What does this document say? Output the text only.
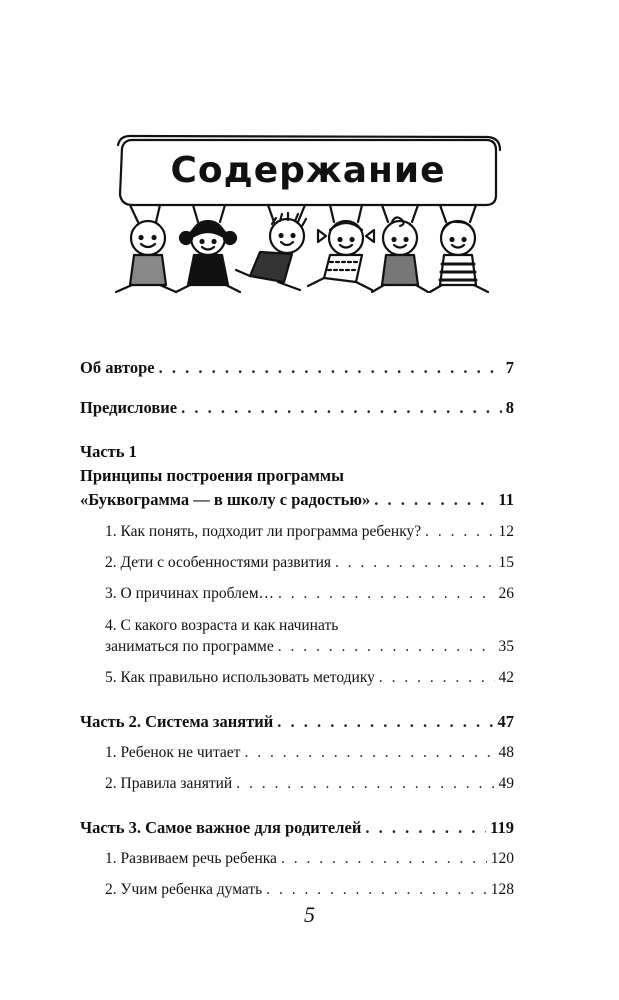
Содержание
Об авторе . . .	7
Предисловие . . .	8
Часть 1
Принципы построения программы
«Буквограмма — в школу с радостью» . . .	11
1. Как понять, подходит ли программа ребенку? . . .	12
2. Дети с особенностями развития . . .	15
3. О причинах проблем… . . .	26
4. С какого возраста и как начинать
заниматься по программе . . .	35
5. Как правильно использовать методику . . .	42
Часть 2. Система занятий . . .	47
1. Ребенок не читает . . .	48
2. Правила занятий . . .	49
Часть 3. Самое важное для родителей . . .	119
1. Развиваем речь ребенка . . .	120
2. Учим ребенка думать . . .	128
5
